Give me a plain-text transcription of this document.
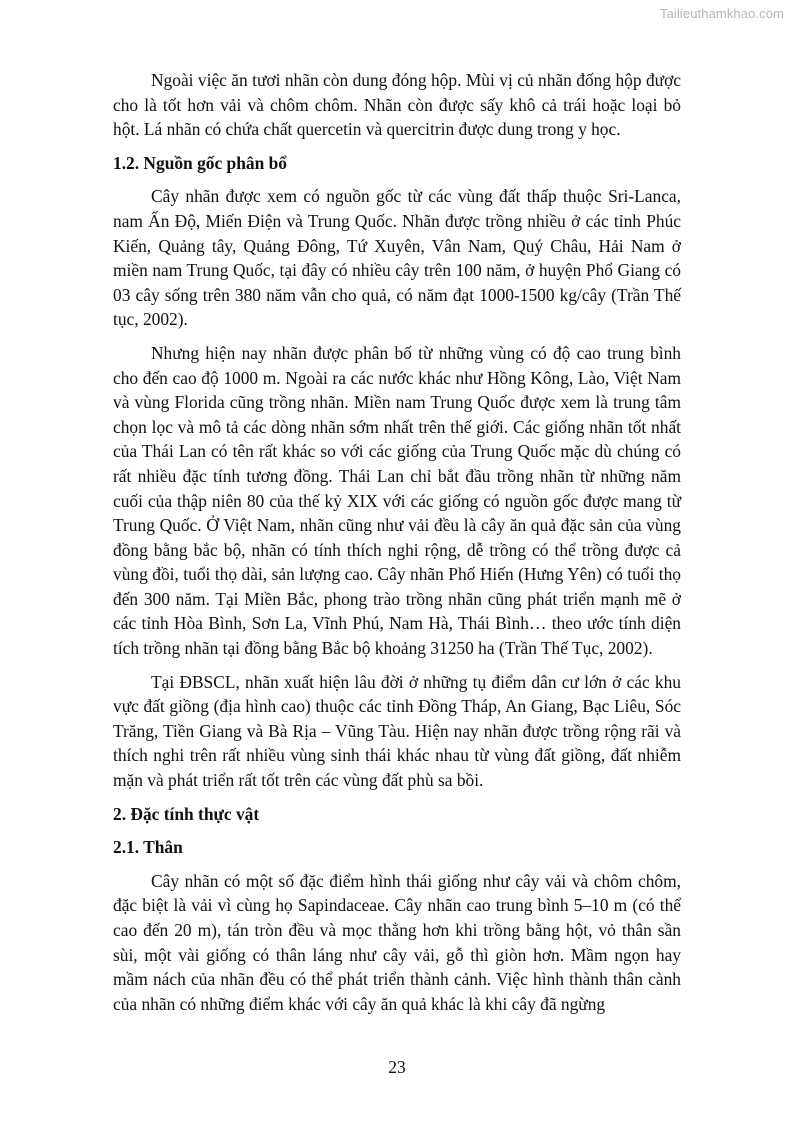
Tailieuthamkhao.com

Ngoài việc ăn tươi nhãn còn dung đóng hộp. Mùi vị củ nhãn đống hộp được cho là tốt hơn vải và chôm chôm. Nhãn còn được sấy khô cả trái hoặc loại bỏ hột. Lá nhãn có chứa chất quercetin và quercitrin được dung trong y học.

1.2. Nguồn gốc phân bổ

Cây nhãn được xem có nguồn gốc từ các vùng đất thấp thuộc Sri-Lanca, nam Ấn Độ, Miến Điện và Trung Quốc. Nhãn được trồng nhiều ở các tỉnh Phúc Kiến, Quảng tây, Quảng Đông, Tứ Xuyên, Vân Nam, Quý Châu, Hải Nam ở miền nam Trung Quốc, tại đây có nhiều cây trên 100 năm, ở huyện Phổ Giang có 03 cây sống trên 380 năm vẫn cho quả, có năm đạt 1000-1500 kg/cây (Trần Thế tục, 2002).

Nhưng hiện nay nhãn được phân bố từ những vùng có độ cao trung bình cho đến cao độ 1000 m. Ngoài ra các nước khác như Hồng Kông, Lào, Việt Nam và vùng Florida cũng trồng nhãn. Miền nam Trung Quốc được xem là trung tâm chọn lọc và mô tả các dòng nhãn sớm nhất trên thế giới. Các giống nhãn tốt nhất của Thái Lan có tên rất khác so với các giống của Trung Quốc mặc dù chúng có rất nhiều đặc tính tương đồng. Thái Lan chỉ bắt đầu trồng nhãn từ những năm cuối của thập niên 80 của thế kỷ XIX với các giống có nguồn gốc được mang từ Trung Quốc. Ở Việt Nam, nhãn cũng như vải đều là cây ăn quả đặc sản của vùng đồng bằng bắc bộ, nhãn có tính thích nghi rộng, dễ trồng có thể trồng được cả vùng đồi, tuổi thọ dài, sản lượng cao. Cây nhãn Phố Hiến (Hưng Yên) có tuổi thọ đến 300 năm. Tại Miền Bắc, phong trào trồng nhãn cũng phát triển mạnh mẽ ở các tỉnh Hòa Bình, Sơn La, Vĩnh Phú, Nam Hà, Thái Bình… theo ước tính diện tích trồng nhãn tại đồng bằng Bắc bộ khoảng 31250 ha (Trần Thế Tục, 2002).

Tại ĐBSCL, nhãn xuất hiện lâu đời ở những tụ điểm dân cư lớn ở các khu vực đất giồng (địa hình cao) thuộc các tỉnh Đồng Tháp, An Giang, Bạc Liêu, Sóc Trăng, Tiền Giang và Bà Rịa – Vũng Tàu. Hiện nay nhãn được trồng rộng rãi và thích nghi trên rất nhiều vùng sinh thái khác nhau từ vùng đất giồng, đất nhiễm mặn và phát triển rất tốt trên các vùng đất phù sa bồi.

2. Đặc tính thực vật
2.1. Thân

Cây nhãn có một số đặc điểm hình thái giống như cây vải và chôm chôm, đặc biệt là vải vì cùng họ Sapindaceae. Cây nhãn cao trung bình 5–10 m (có thể cao đến 20 m), tán tròn đều và mọc thẳng hơn khi trồng bằng hột, vỏ thân sần sùi, một vài giống có thân láng như cây vải, gỗ thì giòn hơn. Mầm ngọn hay mầm nách của nhãn đều có thể phát triển thành cảnh. Việc hình thành thân cành của nhãn có những điểm khác với cây ăn quả khác là khi cây đã ngừng

23
